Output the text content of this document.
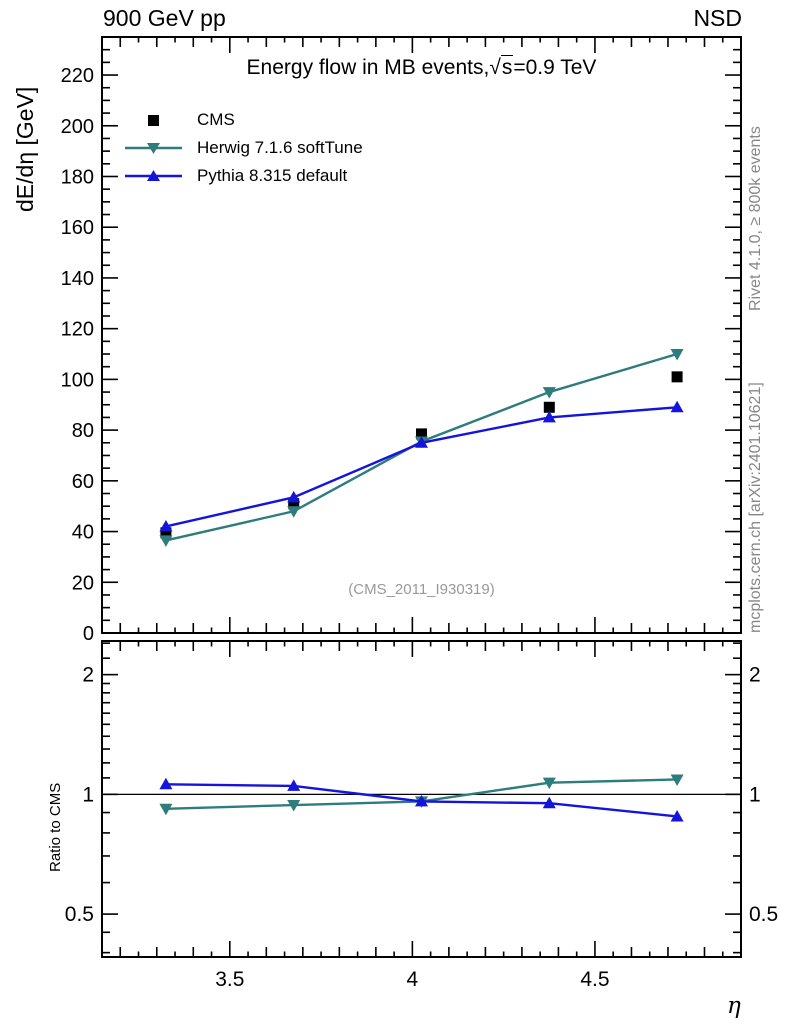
3.5	4	4.5
0
20
40
60
80
100
120
140
160
180
200
220
0.5	0.5
1	1
2	2
900 GeV pp	NSD
Energy flow in MB events,√s=0.9 TeV
CMS
Herwig 7.1.6 softTune
Pythia 8.315 default
(CMS_2011_I930319)
dE/dη [GeV]
Ratio to CMS
Rivet 4.1.0, ≥ 800k events
mcplots.cern.ch [arXiv:2401.10621]
η
